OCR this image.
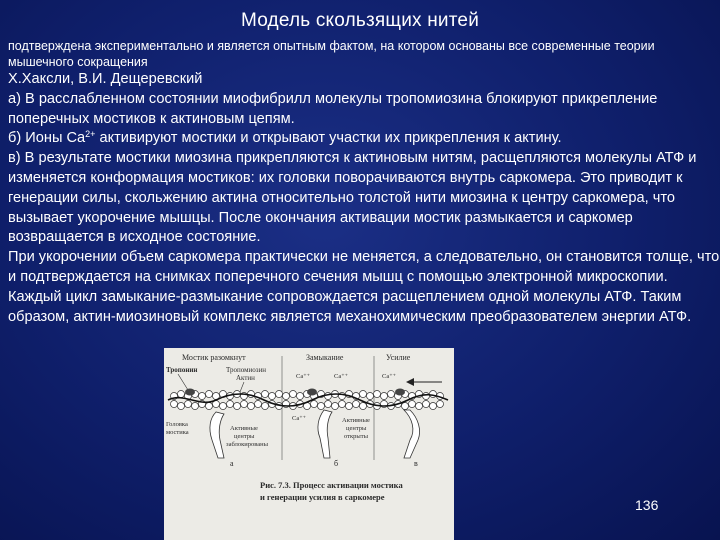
Модель скользящих нитей
подтверждена экспериментально и является опытным фактом, на котором основаны все современные теории мышечного сокращения

Х.Хаксли, В.И. Дещеревский

а) В расслабленном состоянии миофибрилл молекулы тропомиозина блокируют прикрепление поперечных мостиков к актиновым цепям.

б) Ионы $Ca^{2+}$ активируют мостики и открывают участки их прикрепления к актину.

в) В результате мостики миозина прикрепляются к актиновым нитям, расщепляются молекулы АТФ и изменяется конформация мостиков: их головки поворачиваются внутрь саркомера. Это приводит к генерации силы, скольжению актина относительно толстой нити миозина к центру саркомера, что вызывает укорочение мышцы. После окончания активации мостик размыкается и саркомер возвращается в исходное состояние.

При укорочении объем саркомера практически не меняется, а следовательно, он становится толще, что и подтверждается на снимках поперечного сечения мышц с помощью электронной микроскопии.

Каждый цикл замыкание-размыкание сопровождается расщеплением одной молекулы АТФ. Таким образом, актин-миозиновый комплекс является механохимическим преобразователем энергии АТФ.

Мостик разомкнут	Замыкание	Усилие
Тропонин	Тропомиозин
Актин	Ca⁺⁺	Ca⁺⁺
Ca⁺⁺
Ca⁺⁺
Головка
мостика
Активные
центры
заблокированы
Активные
центры
открыты
а	б	в
Рис. 7.3. Процесс активации мостика
и генерации усилия в саркомере	136
